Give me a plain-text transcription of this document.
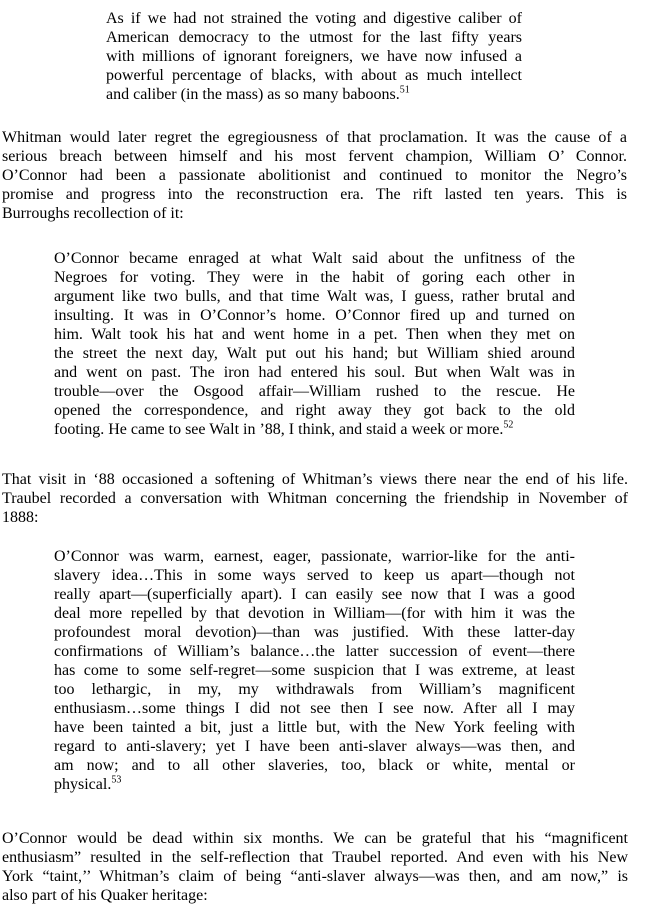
As if we had not strained the voting and digestive caliber of
American democracy to the utmost for the last fifty years
with millions of ignorant foreigners, we have now infused a
powerful percentage of blacks, with about as much intellect
and caliber (in the mass) as so many baboons.$^{51}$

Whitman would later regret the egregiousness of that proclamation. It was the cause of a
serious breach between himself and his most fervent champion, William O’ Connor.
O’Connor had been a passionate abolitionist and continued to monitor the Negro’s
promise and progress into the reconstruction era. The rift lasted ten years. This is
Burroughs recollection of it:

O’Connor became enraged at what Walt said about the unfitness of the
Negroes for voting. They were in the habit of goring each other in
argument like two bulls, and that time Walt was, I guess, rather brutal and
insulting. It was in O’Connor’s home. O’Connor fired up and turned on
him. Walt took his hat and went home in a pet. Then when they met on
the street the next day, Walt put out his hand; but William shied around
and went on past. The iron had entered his soul. But when Walt was in
trouble—over the Osgood affair—William rushed to the rescue. He
opened the correspondence, and right away they got back to the old
footing. He came to see Walt in ’88, I think, and staid a week or more.$^{52}$

That visit in ‘88 occasioned a softening of Whitman’s views there near the end of his life.
Traubel recorded a conversation with Whitman concerning the friendship in November of
1888:

O’Connor was warm, earnest, eager, passionate, warrior-like for the anti-
slavery idea…This in some ways served to keep us apart—though not
really apart—(superficially apart). I can easily see now that I was a good
deal more repelled by that devotion in William—(for with him it was the
profoundest moral devotion)—than was justified. With these latter-day
confirmations of William’s balance…the latter succession of event—there
has come to some self-regret—some suspicion that I was extreme, at least
too lethargic, in my, my withdrawals from William’s magnificent
enthusiasm…some things I did not see then I see now. After all I may
have been tainted a bit, just a little but, with the New York feeling with
regard to anti-slavery; yet I have been anti-slaver always—was then, and
am now; and to all other slaveries, too, black or white, mental or
physical.$^{53}$

O’Connor would be dead within six months. We can be grateful that his “magnificent
enthusiasm” resulted in the self-reflection that Traubel reported. And even with his New
York “taint,’’ Whitman’s claim of being “anti-slaver always—was then, and am now,” is
also part of his Quaker heritage:
